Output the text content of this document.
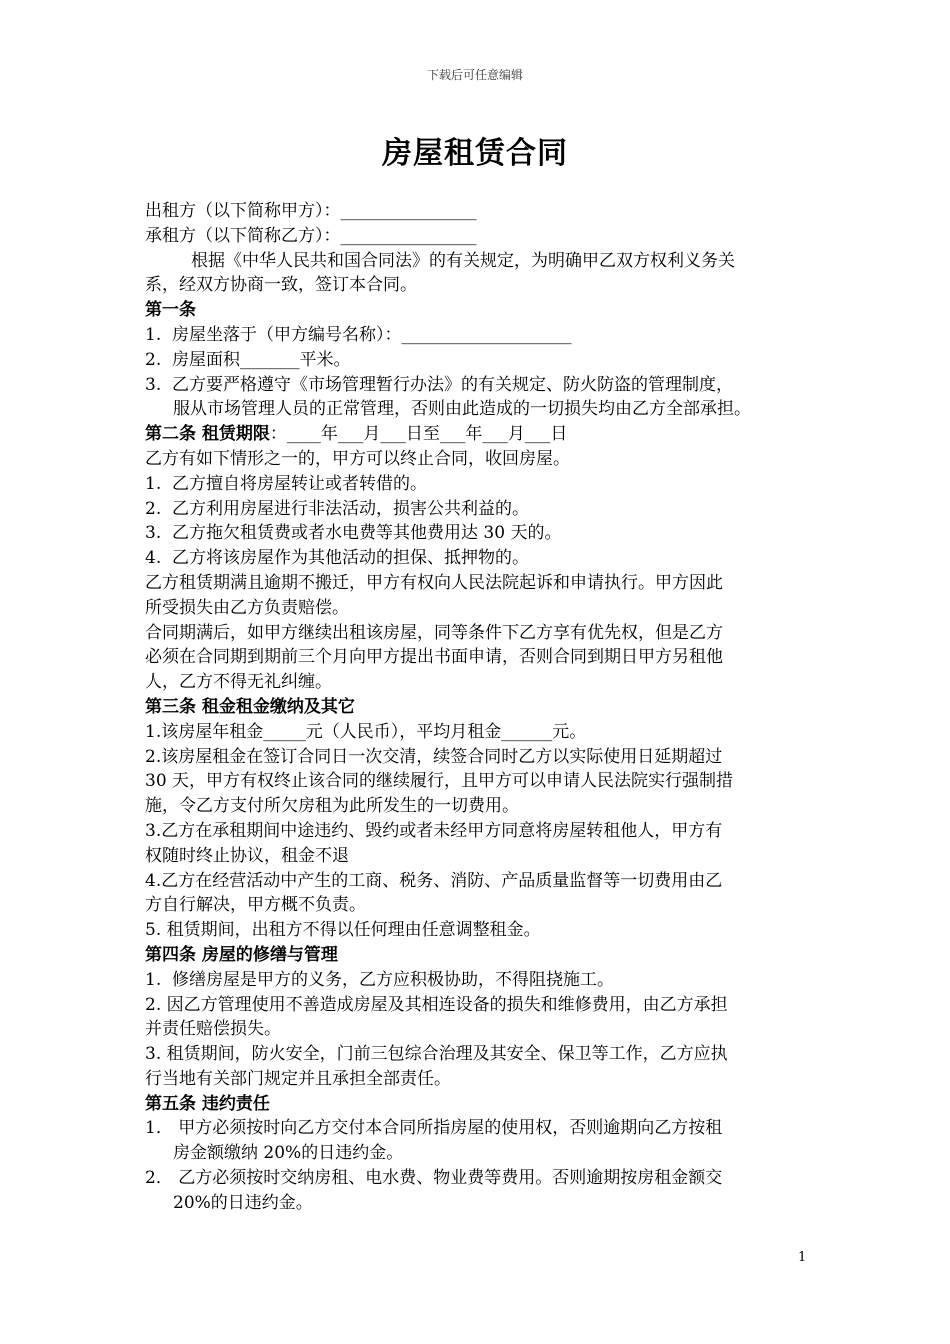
下载后可任意编辑
房屋租赁合同
出租方（以下简称甲方）：________________
承租方（以下简称乙方）：________________
根据《中华人民共和国合同法》的有关规定，为明确甲乙双方权利义务关
系，经双方协商一致，签订本合同。
第一条
1.  房屋坐落于（甲方编号名称）：____________________
2.  房屋面积_______平米。
3.  乙方要严格遵守《市场管理暂行办法》的有关规定、防火防盗的管理制度，
服从市场管理人员的正常管理，否则由此造成的一切损失均由乙方全部承担。
第二条 租赁期限：____年___月___日至___年___月___日
乙方有如下情形之一的，甲方可以终止合同，收回房屋。
1.  乙方擅自将房屋转让或者转借的。
2.  乙方利用房屋进行非法活动，损害公共利益的。
3.  乙方拖欠租赁费或者水电费等其他费用达 30 天的。
4.  乙方将该房屋作为其他活动的担保、抵押物的。
乙方租赁期满且逾期不搬迁，甲方有权向人民法院起诉和申请执行。甲方因此
所受损失由乙方负责赔偿。
合同期满后，如甲方继续出租该房屋，同等条件下乙方享有优先权，但是乙方
必须在合同期到期前三个月向甲方提出书面申请，否则合同到期日甲方另租他
人，乙方不得无礼纠缠。
第三条 租金租金缴纳及其它
1.该房屋年租金_____元（人民币），平均月租金______元。
2.该房屋租金在签订合同日一次交清，续签合同时乙方以实际使用日延期超过
30 天，甲方有权终止该合同的继续履行，且甲方可以申请人民法院实行强制措
施，令乙方支付所欠房租为此所发生的一切费用。
3.乙方在承租期间中途违约、毁约或者未经甲方同意将房屋转租他人，甲方有
权随时终止协议，租金不退
4.乙方在经营活动中产生的工商、税务、消防、产品质量监督等一切费用由乙
方自行解决，甲方概不负责。
5. 租赁期间，出租方不得以任何理由任意调整租金。
第四条 房屋的修缮与管理
1.  修缮房屋是甲方的义务，乙方应积极协助，不得阻挠施工。
2. 因乙方管理使用不善造成房屋及其相连设备的损失和维修费用，由乙方承担
并责任赔偿损失。
3. 租赁期间，防火安全，门前三包综合治理及其安全、保卫等工作，乙方应执
行当地有关部门规定并且承担全部责任。
第五条 违约责任
1． 甲方必须按时向乙方交付本合同所指房屋的使用权，否则逾期向乙方按租
房金额缴纳 20%的日违约金。
2． 乙方必须按时交纳房租、电水费、物业费等费用。否则逾期按房租金额交
20%的日违约金。
1
